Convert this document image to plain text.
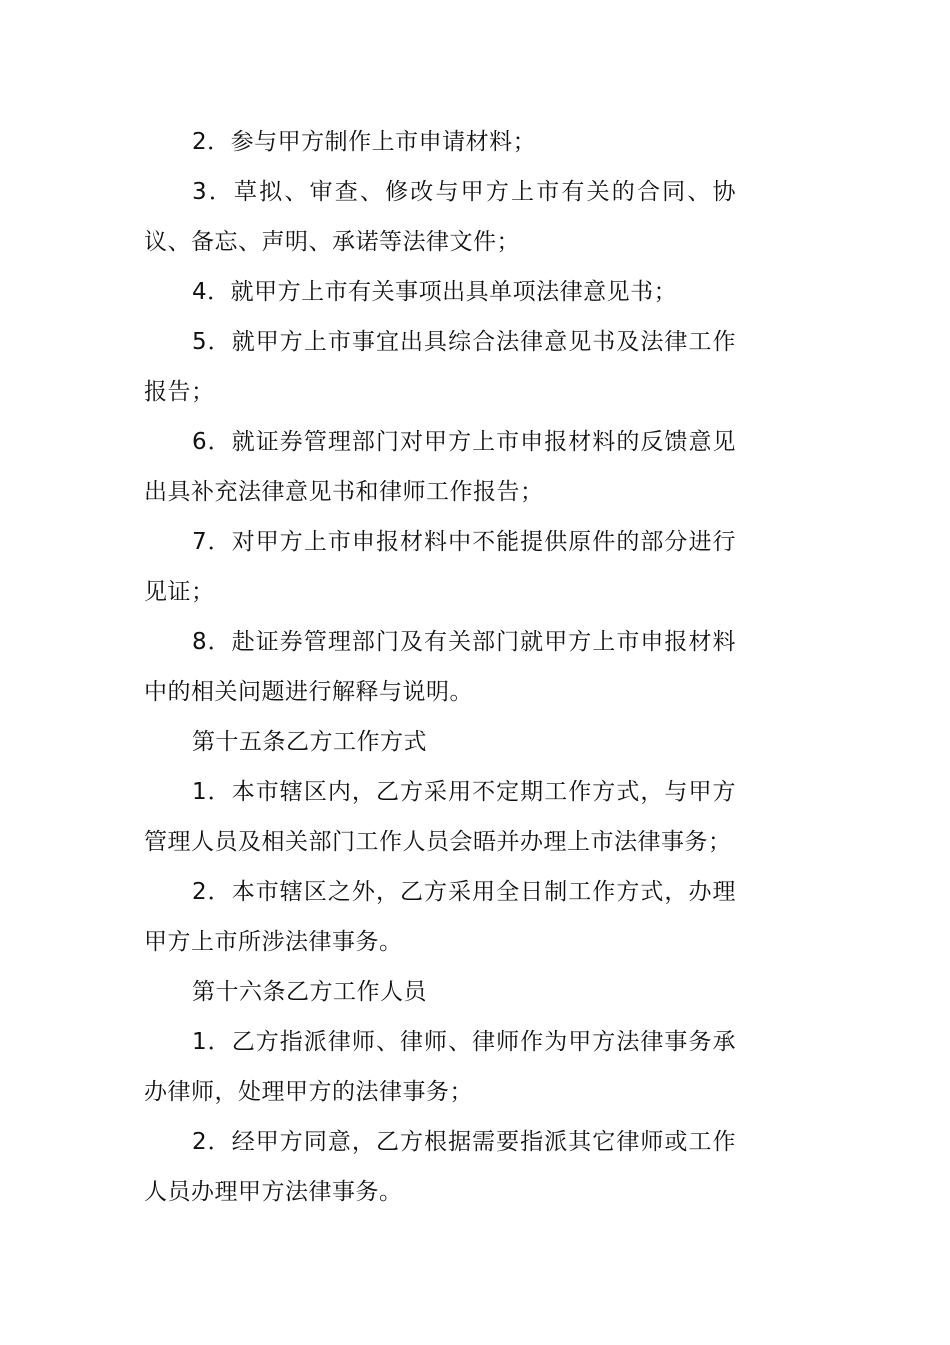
2．参与甲方制作上市申请材料；

3．草拟、审查、修改与甲方上市有关的合同、协议、备忘、声明、承诺等法律文件；

4．就甲方上市有关事项出具单项法律意见书；

5．就甲方上市事宜出具综合法律意见书及法律工作报告；

6．就证券管理部门对甲方上市申报材料的反馈意见出具补充法律意见书和律师工作报告；

7．对甲方上市申报材料中不能提供原件的部分进行见证；

8．赴证券管理部门及有关部门就甲方上市申报材料中的相关问题进行解释与说明。

第十五条乙方工作方式

1．本市辖区内，乙方采用不定期工作方式，与甲方管理人员及相关部门工作人员会晤并办理上市法律事务；

2．本市辖区之外，乙方采用全日制工作方式，办理甲方上市所涉法律事务。

第十六条乙方工作人员

1．乙方指派律师、律师、律师作为甲方法律事务承办律师，处理甲方的法律事务；

2．经甲方同意，乙方根据需要指派其它律师或工作人员办理甲方法律事务。
